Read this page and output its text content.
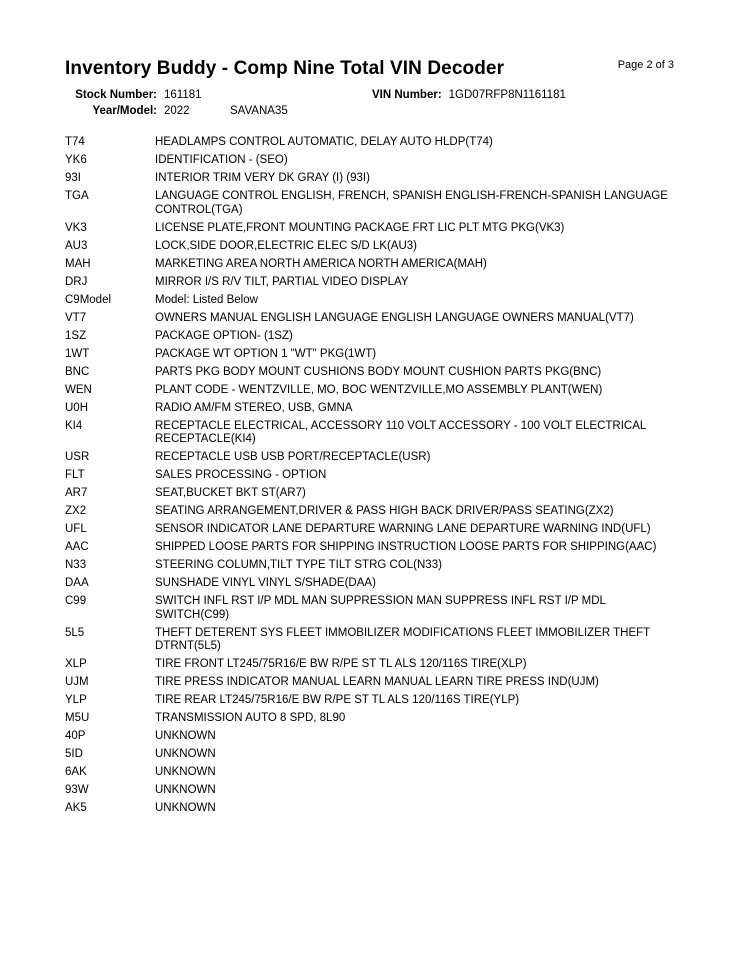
Inventory Buddy - Comp Nine Total VIN Decoder	Page 2 of 3
Stock Number: 161181	VIN Number: 1GD07RFP8N1161181
Year/Model: 2022	SAVANA35
T74	HEADLAMPS CONTROL AUTOMATIC, DELAY AUTO HLDP(T74)
YK6	IDENTIFICATION - (SEO)
93I	INTERIOR TRIM VERY DK GRAY (I) (93I)
TGA	LANGUAGE CONTROL ENGLISH, FRENCH, SPANISH ENGLISH-FRENCH-SPANISH LANGUAGE CONTROL(TGA)
VK3	LICENSE PLATE,FRONT MOUNTING PACKAGE FRT LIC PLT MTG PKG(VK3)
AU3	LOCK,SIDE DOOR,ELECTRIC ELEC S/D LK(AU3)
MAH	MARKETING AREA NORTH AMERICA NORTH AMERICA(MAH)
DRJ	MIRROR I/S R/V TILT, PARTIAL VIDEO DISPLAY
C9Model	Model: Listed Below
VT7	OWNERS MANUAL ENGLISH LANGUAGE ENGLISH LANGUAGE OWNERS MANUAL(VT7)
1SZ	PACKAGE OPTION- (1SZ)
1WT	PACKAGE WT OPTION 1 "WT" PKG(1WT)
BNC	PARTS PKG BODY MOUNT CUSHIONS BODY MOUNT CUSHION PARTS PKG(BNC)
WEN	PLANT CODE - WENTZVILLE, MO, BOC WENTZVILLE,MO ASSEMBLY PLANT(WEN)
U0H	RADIO AM/FM STEREO, USB, GMNA
KI4	RECEPTACLE ELECTRICAL, ACCESSORY 110 VOLT ACCESSORY - 100 VOLT ELECTRICAL RECEPTACLE(KI4)
USR	RECEPTACLE USB USB PORT/RECEPTACLE(USR)
FLT	SALES PROCESSING - OPTION
AR7	SEAT,BUCKET BKT ST(AR7)
ZX2	SEATING ARRANGEMENT,DRIVER & PASS HIGH BACK DRIVER/PASS SEATING(ZX2)
UFL	SENSOR INDICATOR LANE DEPARTURE WARNING LANE DEPARTURE WARNING IND(UFL)
AAC	SHIPPED LOOSE PARTS FOR SHIPPING INSTRUCTION LOOSE PARTS FOR SHIPPING(AAC)
N33	STEERING COLUMN,TILT TYPE TILT STRG COL(N33)
DAA	SUNSHADE VINYL VINYL S/SHADE(DAA)
C99	SWITCH INFL RST I/P MDL MAN SUPPRESSION MAN SUPPRESS INFL RST I/P MDL SWITCH(C99)
5L5	THEFT DETERENT SYS FLEET IMMOBILIZER MODIFICATIONS FLEET IMMOBILIZER THEFT DTRNT(5L5)
XLP	TIRE FRONT LT245/75R16/E BW R/PE ST TL ALS 120/116S TIRE(XLP)
UJM	TIRE PRESS INDICATOR MANUAL LEARN MANUAL LEARN TIRE PRESS IND(UJM)
YLP	TIRE REAR LT245/75R16/E BW R/PE ST TL ALS 120/116S TIRE(YLP)
M5U	TRANSMISSION AUTO 8 SPD, 8L90
40P	UNKNOWN
5ID	UNKNOWN
6AK	UNKNOWN
93W	UNKNOWN
AK5	UNKNOWN
